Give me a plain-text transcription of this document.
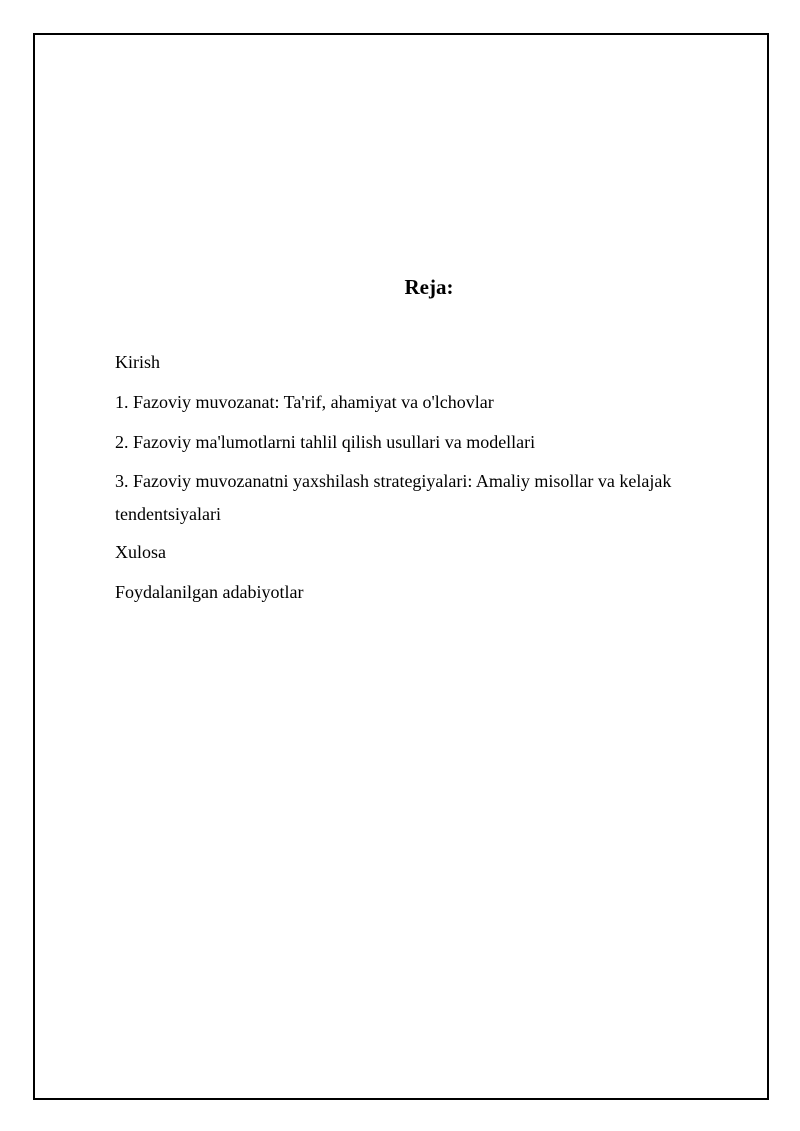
Reja:
Kirish
1. Fazoviy muvozanat: Ta'rif, ahamiyat va o'lchovlar
2. Fazoviy ma'lumotlarni tahlil qilish usullari va modellari
3. Fazoviy muvozanatni yaxshilash strategiyalari: Amaliy misollar va kelajak tendentsiyalari
Xulosa
Foydalanilgan adabiyotlar
